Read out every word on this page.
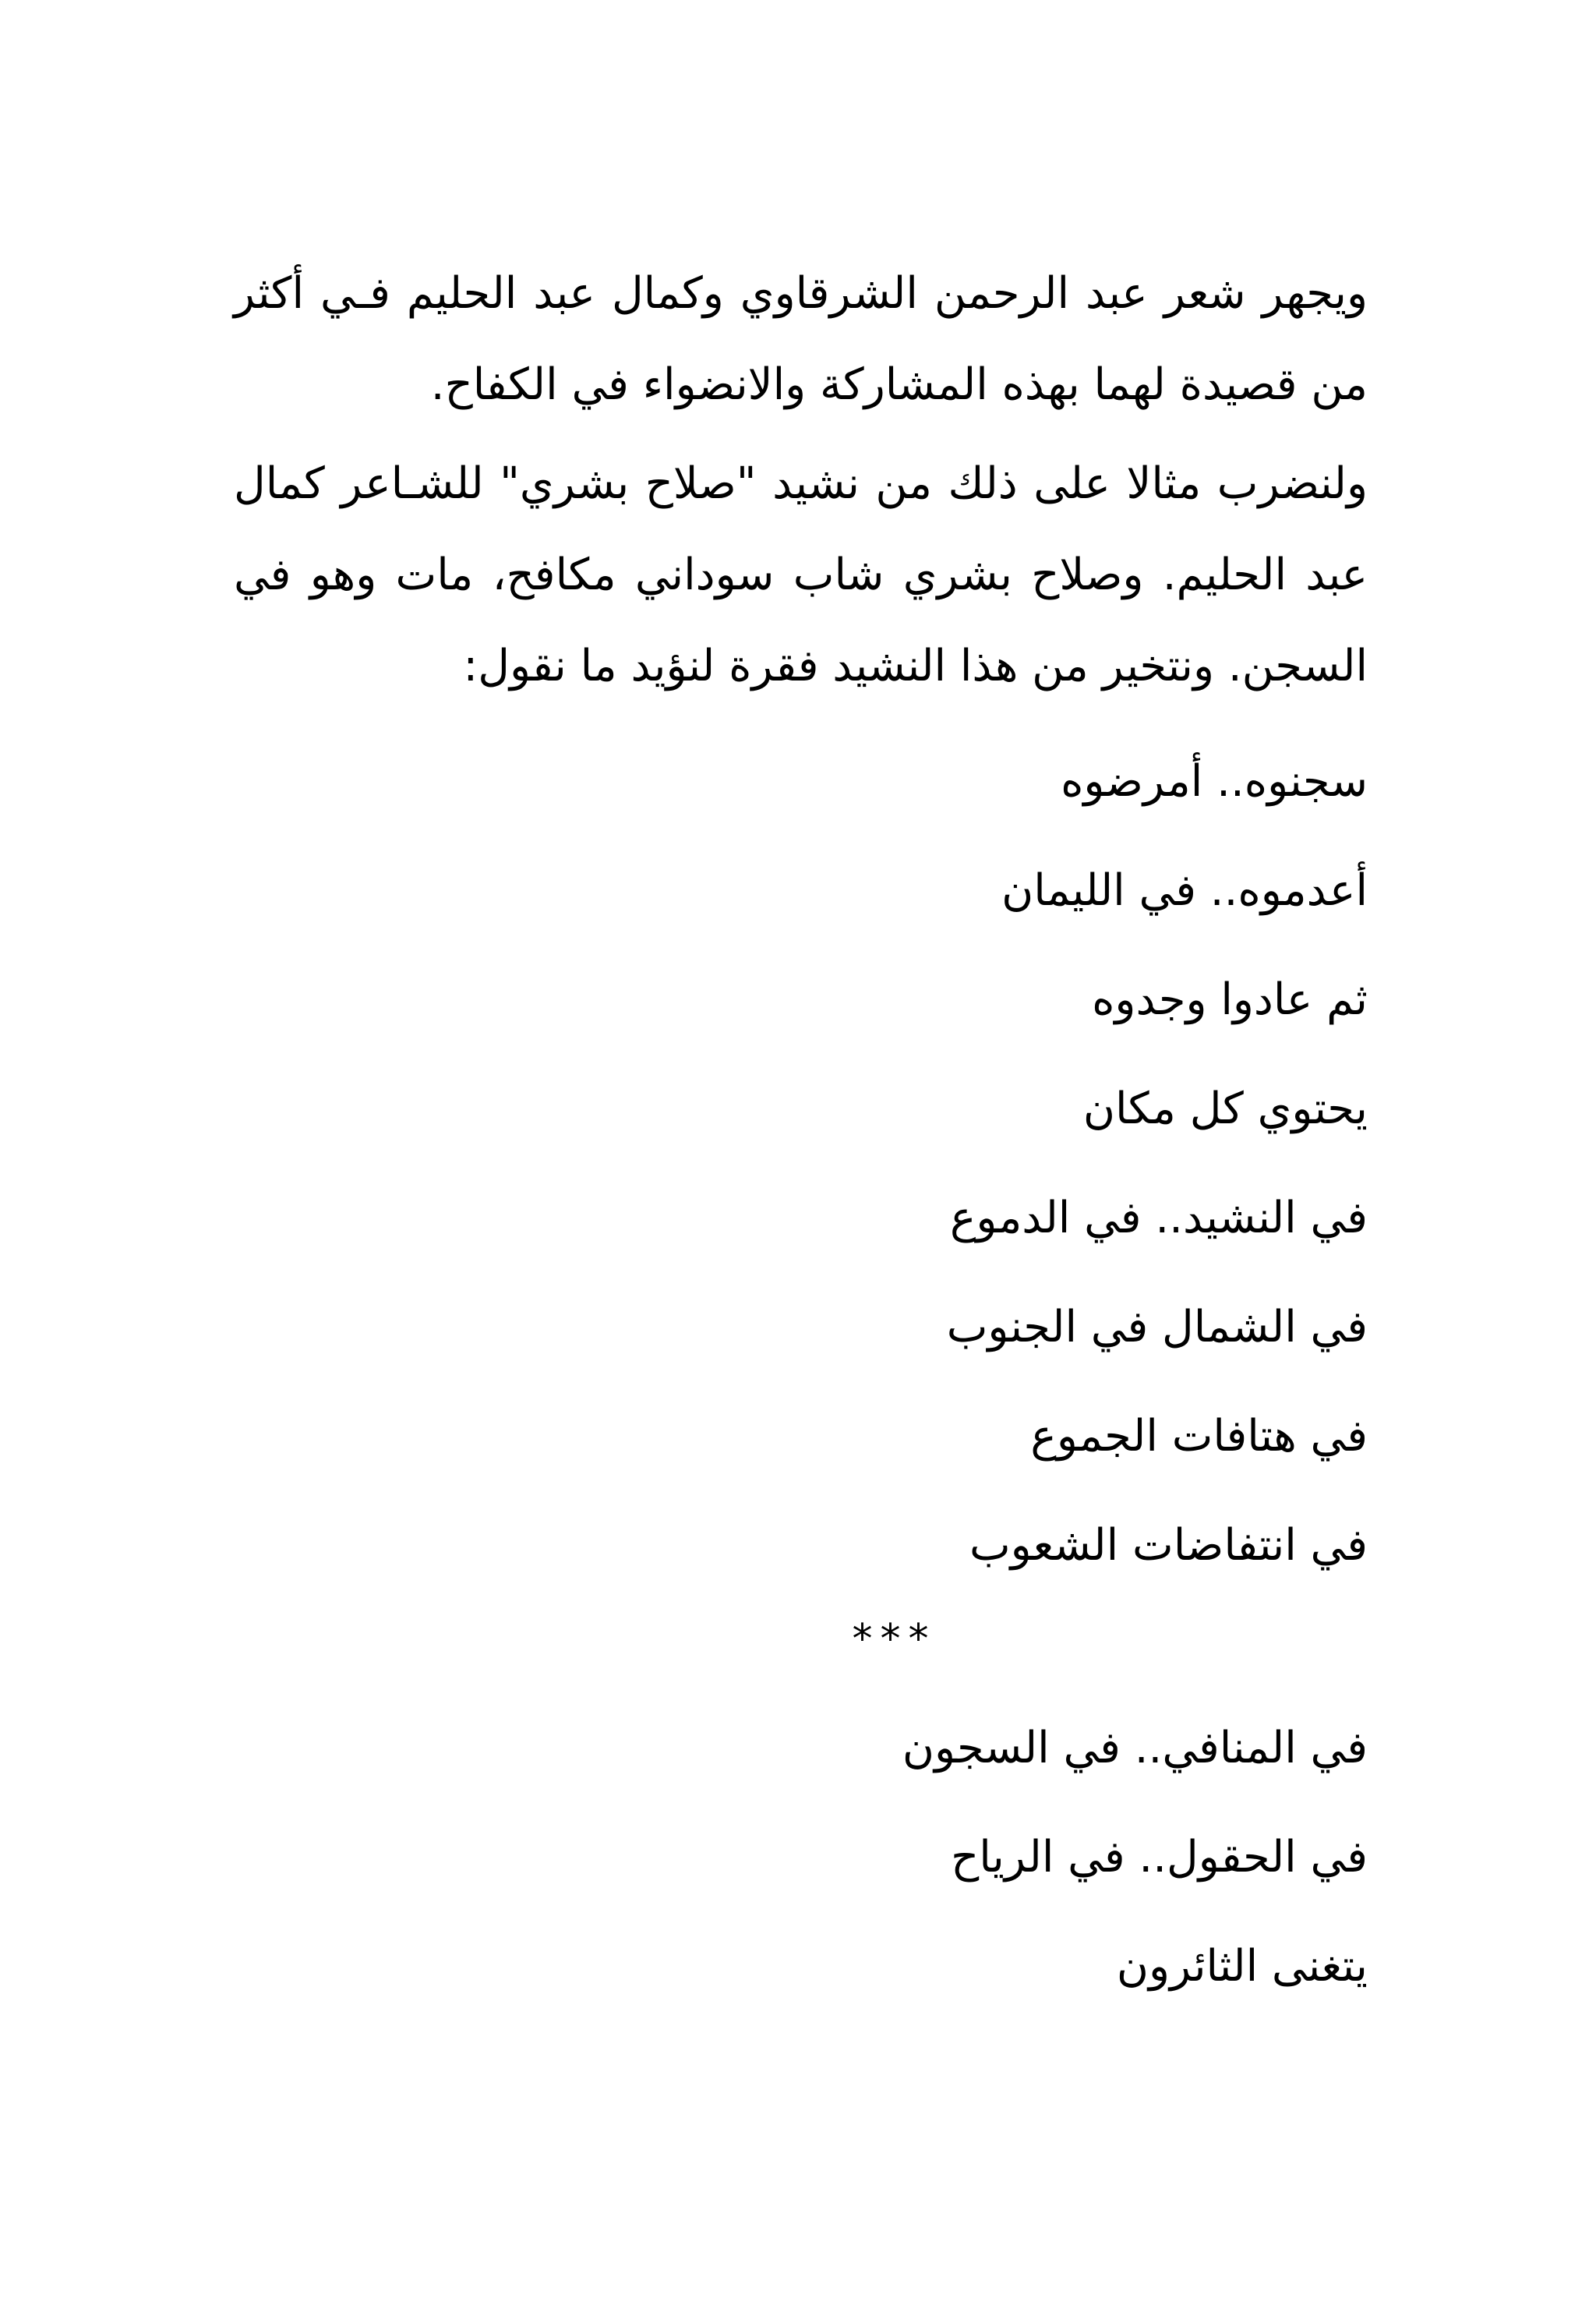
ويجهر شعر عبد الرحمن الشرقاوي وكمال عبد الحليم فـي أكثر من قصيدة لهما بهذه المشاركة والانضواء في الكفاح.

ولنضرب مثالا على ذلك من نشيد "صلاح بشري" للشـاعر كمال عبد الحليم. وصلاح بشري شاب سوداني مكافح، مات وهو في السجن. ونتخير من هذا النشيد فقرة لنؤيد ما نقول:

سجنوه.. أمرضوه
أعدموه.. في الليمان
ثم عادوا وجدوه
يحتوي كل مكان
في النشيد.. في الدموع
في الشمال في الجنوب
في هتافات الجموع
في انتفاضات الشعوب
***
في المنافي.. في السجون
في الحقول.. في الرياح
يتغنى الثائرون
